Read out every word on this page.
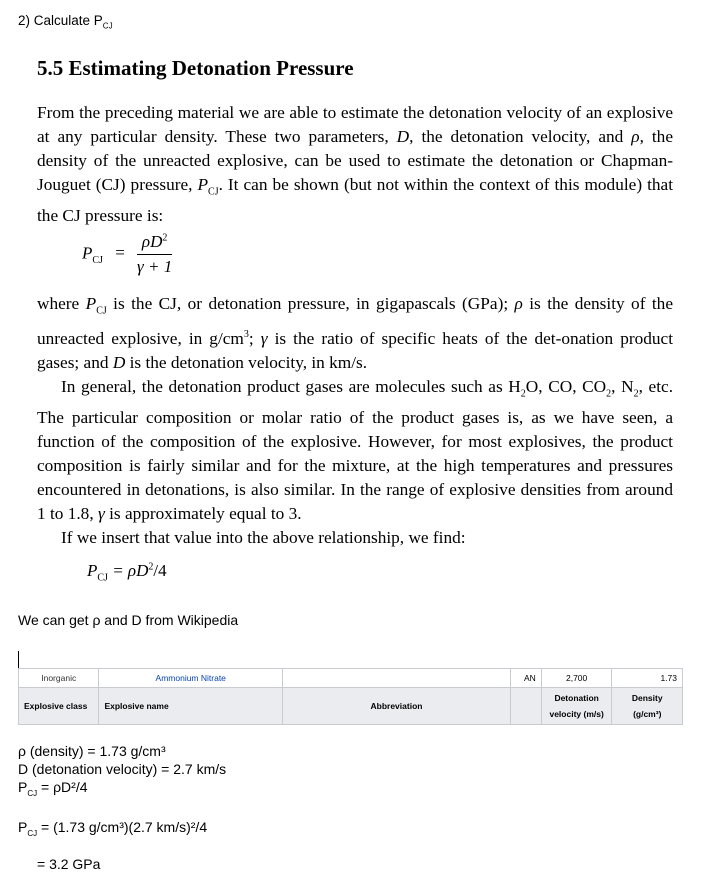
2) Calculate $P_{CJ}$
5.5 Estimating Detonation Pressure

From the preceding material we are able to estimate the detonation velocity of an explosive at any particular density. These two parameters, D, the detonation velocity, and ρ, the density of the unreacted explosive, can be used to estimate the detonation or Chapman-Jouguet (CJ) pressure, $P_{CJ}$. It can be shown (but not within the context of this module) that the CJ pressure is:

$P_{CJ} = \frac{\rho D^2}{\gamma + 1}$

where $P_{CJ}$ is the CJ, or detonation pressure, in gigapascals (GPa); ρ is the density of the unreacted explosive, in $g/cm^3$; γ is the ratio of specific heats of the det-onation product gases; and D is the detonation velocity, in km/s.

In general, the detonation product gases are molecules such as $H_2O$, CO, $CO_2$, $N_2$, etc. The particular composition or molar ratio of the product gases is, as we have seen, a function of the composition of the explosive. However, for most explosives, the product composition is fairly similar and for the mixture, at the high temperatures and pressures encountered in detonations, is also similar. In the range of explosive densities from around 1 to 1.8, γ is approximately equal to 3.

If we insert that value into the above relationship, we find:

$P_{CJ} = \rho D^2/4$
We can get ρ and D from Wikipedia
Inorganic	Ammonium Nitrate		AN	2,700	1.73
Explosive class	Explosive name	Abbreviation		Detonation velocity (m/s)	Density (g/cm³)
ρ (density) = 1.73 g/cm³
D (detonation velocity) = 2.7 km/s
$P_{CJ} = \rho D^2/4$
$P_{CJ} = (1.73$ g/cm³)(2.7 km/s)²/4
= 3.2 GPa
